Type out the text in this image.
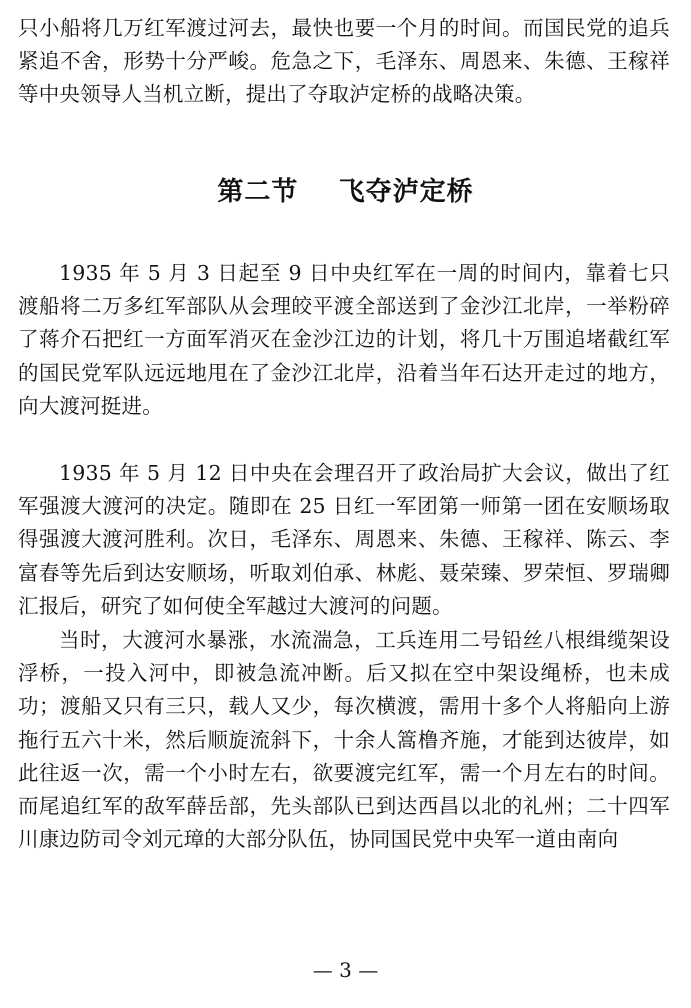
只小船将几万红军渡过河去，最快也要一个月的时间。而国民党的追兵紧追不舍，形势十分严峻。危急之下，毛泽东、周恩来、朱德、王稼祥等中央领导人当机立断，提出了夺取泸定桥的战略决策。

第二节    飞夺泸定桥

1935 年 5 月 3 日起至 9 日中央红军在一周的时间内，靠着七只渡船将二万多红军部队从会理皎平渡全部送到了金沙江北岸，一举粉碎了蒋介石把红一方面军消灭在金沙江边的计划，将几十万围追堵截红军的国民党军队远远地甩在了金沙江北岸，沿着当年石达开走过的地方，向大渡河挺进。

1935 年 5 月 12 日中央在会理召开了政治局扩大会议，做出了红军强渡大渡河的决定。随即在 25 日红一军团第一师第一团在安顺场取得强渡大渡河胜利。次日，毛泽东、周恩来、朱德、王稼祥、陈云、李富春等先后到达安顺场，听取刘伯承、林彪、聂荣臻、罗荣恒、罗瑞卿汇报后，研究了如何使全军越过大渡河的问题。

当时，大渡河水暴涨，水流湍急，工兵连用二号铅丝八根缉缆架设浮桥，一投入河中，即被急流冲断。后又拟在空中架设绳桥，也未成功；渡船又只有三只，载人又少，每次横渡，需用十多个人将船向上游拖行五六十米，然后顺旋流斜下，十余人篙橹齐施，才能到达彼岸，如此往返一次，需一个小时左右，欲要渡完红军，需一个月左右的时间。而尾追红军的敌军薛岳部，先头部队已到达西昌以北的礼州；二十四军川康边防司令刘元璋的大部分队伍，协同国民党中央军一道由南向

— 3 —
